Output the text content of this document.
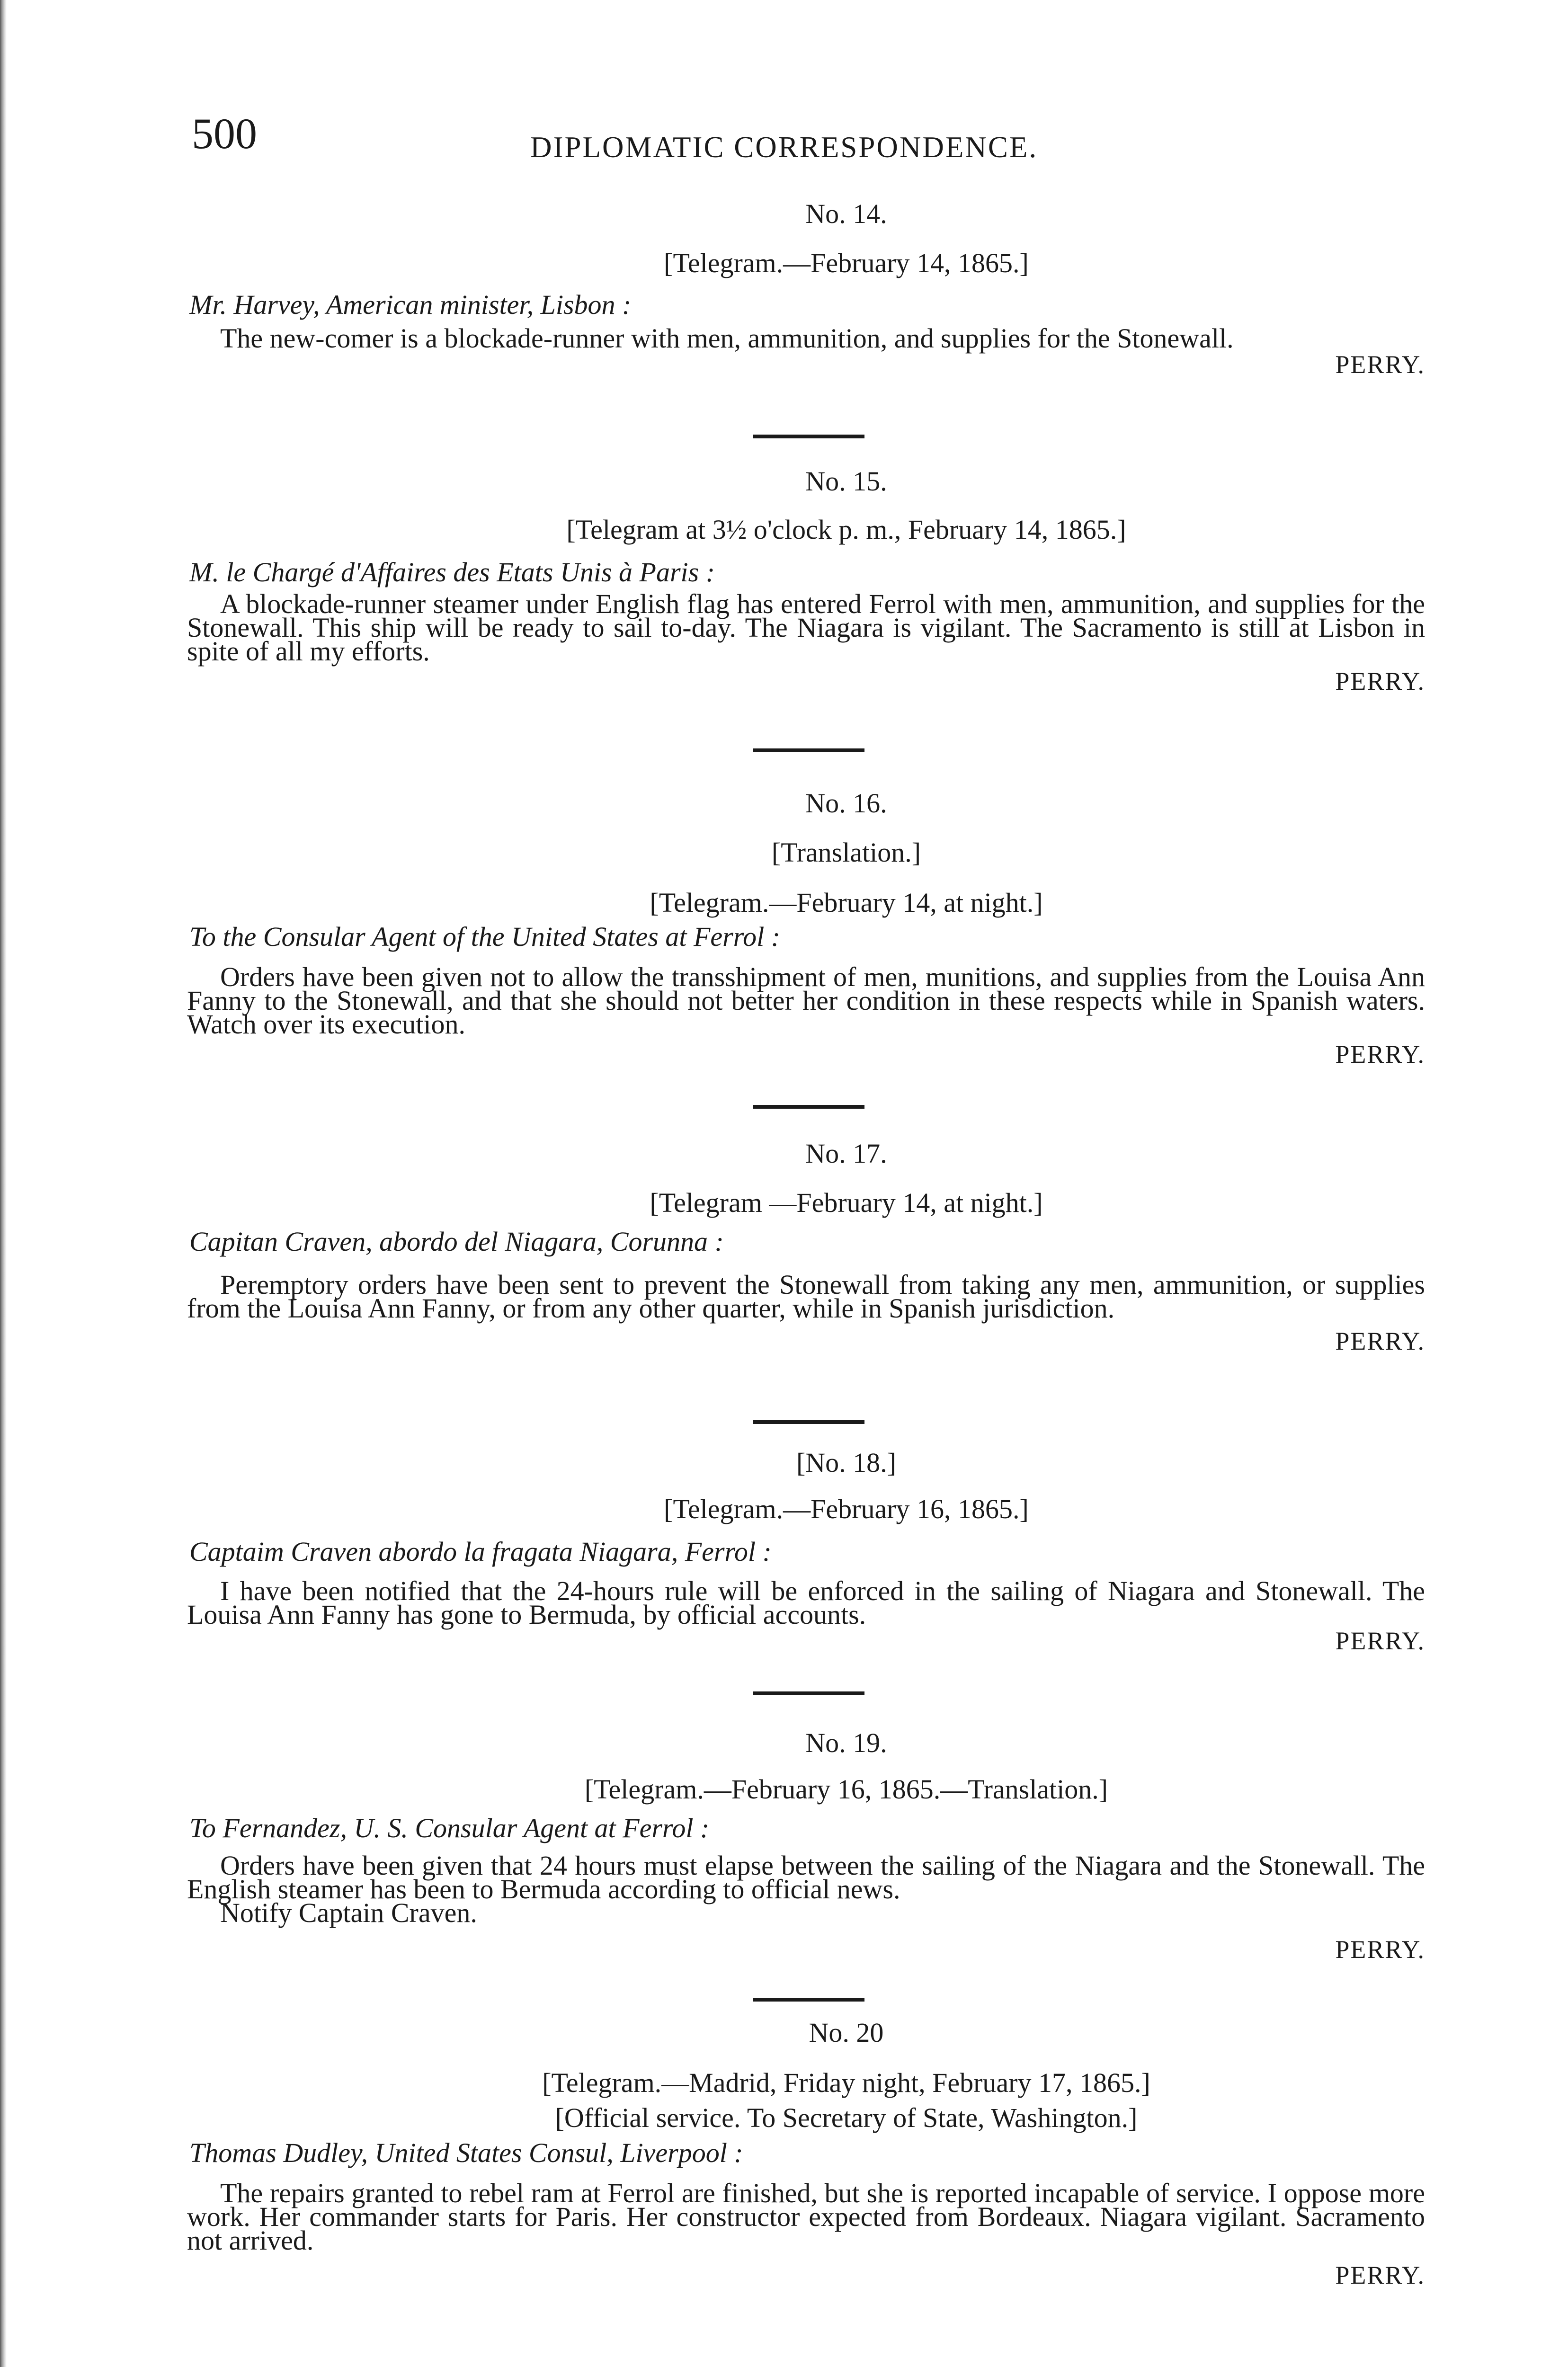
500	DIPLOMATIC CORRESPONDENCE.
No. 14.
[Telegram.—February 14, 1865.]
Mr. Harvey, American minister, Lisbon :
The new-comer is a blockade-runner with men, ammunition, and supplies for the Stonewall.
PERRY.
No. 15.
[Telegram at 3½ o'clock p. m., February 14, 1865.]
M. le Chargé d'Affaires des Etats Unis à Paris :
A blockade-runner steamer under English flag has entered Ferrol with men, ammunition, and supplies for the Stonewall. This ship will be ready to sail to-day. The Niagara is vigilant. The Sacramento is still at Lisbon in spite of all my efforts.
PERRY.
No. 16.
[Translation.]
[Telegram.—February 14, at night.]
To the Consular Agent of the United States at Ferrol :
Orders have been given not to allow the transshipment of men, munitions, and supplies from the Louisa Ann Fanny to the Stonewall, and that she should not better her condition in these respects while in Spanish waters. Watch over its execution.
PERRY.
No. 17.
[Telegram —February 14, at night.]
Capitan Craven, abordo del Niagara, Corunna :
Peremptory orders have been sent to prevent the Stonewall from taking any men, ammunition, or supplies from the Louisa Ann Fanny, or from any other quarter, while in Spanish jurisdiction.
PERRY.
[No. 18.]
[Telegram.—February 16, 1865.]
Captaim Craven abordo la fragata Niagara, Ferrol :
I have been notified that the 24-hours rule will be enforced in the sailing of Niagara and Stonewall. The Louisa Ann Fanny has gone to Bermuda, by official accounts.
PERRY.
No. 19.
[Telegram.—February 16, 1865.—Translation.]
To Fernandez, U. S. Consular Agent at Ferrol :
Orders have been given that 24 hours must elapse between the sailing of the Niagara and the Stonewall. The English steamer has been to Bermuda according to official news.
Notify Captain Craven.
PERRY.
No. 20
[Telegram.—Madrid, Friday night, February 17, 1865.]
[Official service. To Secretary of State, Washington.]
Thomas Dudley, United States Consul, Liverpool :
The repairs granted to rebel ram at Ferrol are finished, but she is reported incapable of service. I oppose more work. Her commander starts for Paris. Her constructor expected from Bordeaux. Niagara vigilant. Sacramento not arrived.
PERRY.
